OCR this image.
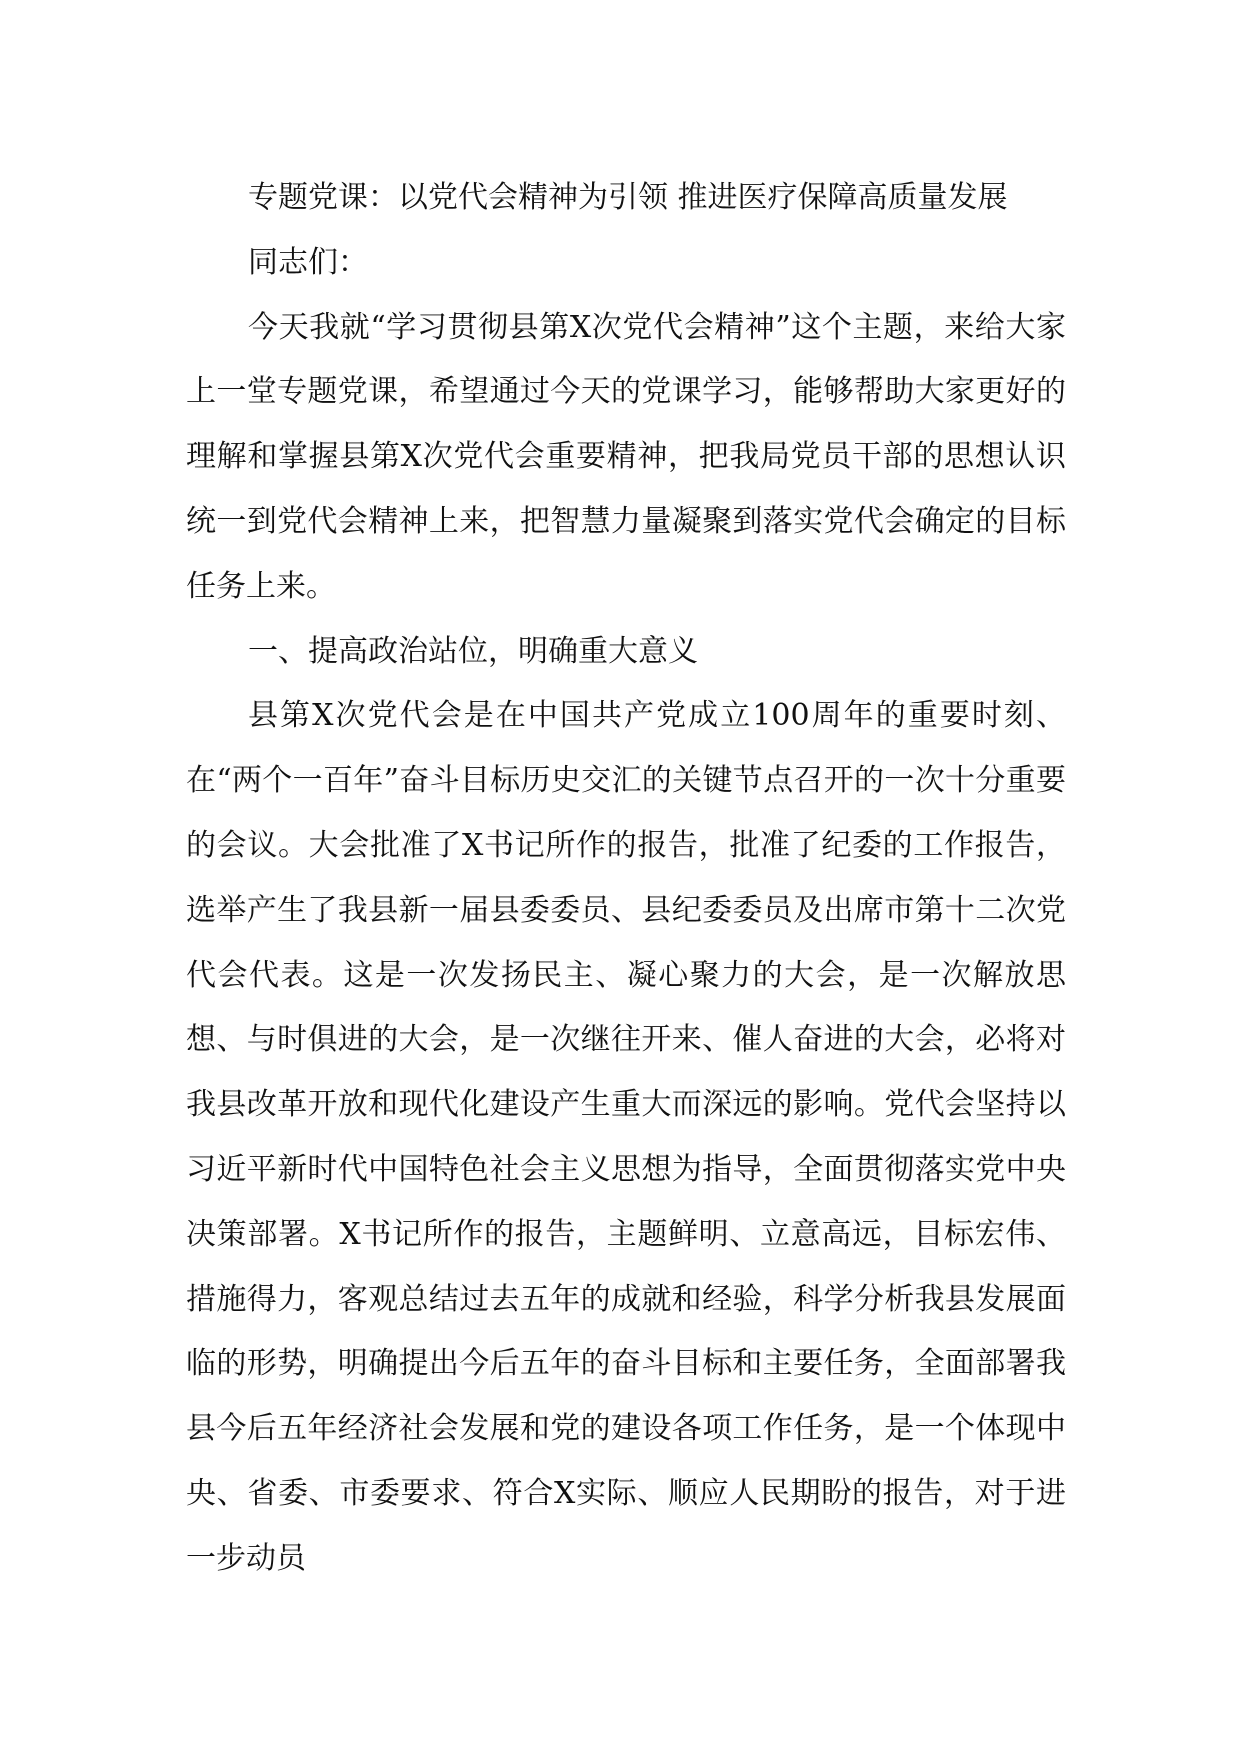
专题党课：以党代会精神为引领 推进医疗保障高质量发展

同志们：

今天我就“学习贯彻县第X次党代会精神”这个主题，来给大家上一堂专题党课，希望通过今天的党课学习，能够帮助大家更好的理解和掌握县第X次党代会重要精神，把我局党员干部的思想认识统一到党代会精神上来，把智慧力量凝聚到落实党代会确定的目标任务上来。

一、提高政治站位，明确重大意义

县第X次党代会是在中国共产党成立100周年的重要时刻、在“两个一百年”奋斗目标历史交汇的关键节点召开的一次十分重要的会议。大会批准了X书记所作的报告，批准了纪委的工作报告，选举产生了我县新一届县委委员、县纪委委员及出席市第十二次党代会代表。这是一次发扬民主、凝心聚力的大会，是一次解放思想、与时俱进的大会，是一次继往开来、催人奋进的大会，必将对我县改革开放和现代化建设产生重大而深远的影响。党代会坚持以习近平新时代中国特色社会主义思想为指导，全面贯彻落实党中央决策部署。X书记所作的报告，主题鲜明、立意高远，目标宏伟、措施得力，客观总结过去五年的成就和经验，科学分析我县发展面临的形势，明确提出今后五年的奋斗目标和主要任务，全面部署我县今后五年经济社会发展和党的建设各项工作任务，是一个体现中央、省委、市委要求、符合X实际、顺应人民期盼的报告，对于进一步动员
